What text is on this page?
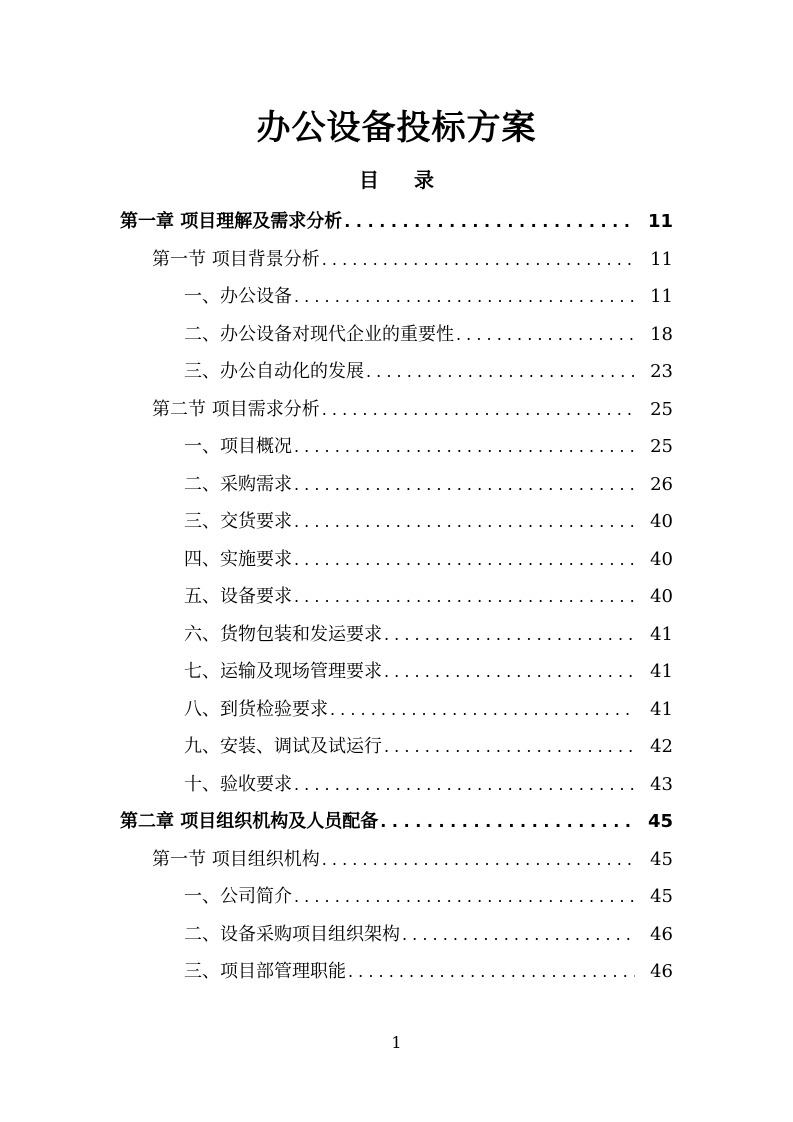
办公设备投标方案
目 录
第一章 项目理解及需求分析 . . .	11
第一节 项目背景分析 . . .	11
一、办公设备 . . .	11
二、办公设备对现代企业的重要性 . . .	18
三、办公自动化的发展 . . .	23
第二节 项目需求分析 . . .	25
一、项目概况 . . .	25
二、采购需求 . . .	26
三、交货要求 . . .	40
四、实施要求 . . .	40
五、设备要求 . . .	40
六、货物包装和发运要求 . . .	41
七、运输及现场管理要求 . . .	41
八、到货检验要求 . . .	41
九、安装、调试及试运行 . . .	42
十、验收要求 . . .	43
第二章 项目组织机构及人员配备 . . .	45
第一节 项目组织机构 . . .	45
一、公司简介 . . .	45
二、设备采购项目组织架构 . . .	46
三、项目部管理职能 . . .	46
1
